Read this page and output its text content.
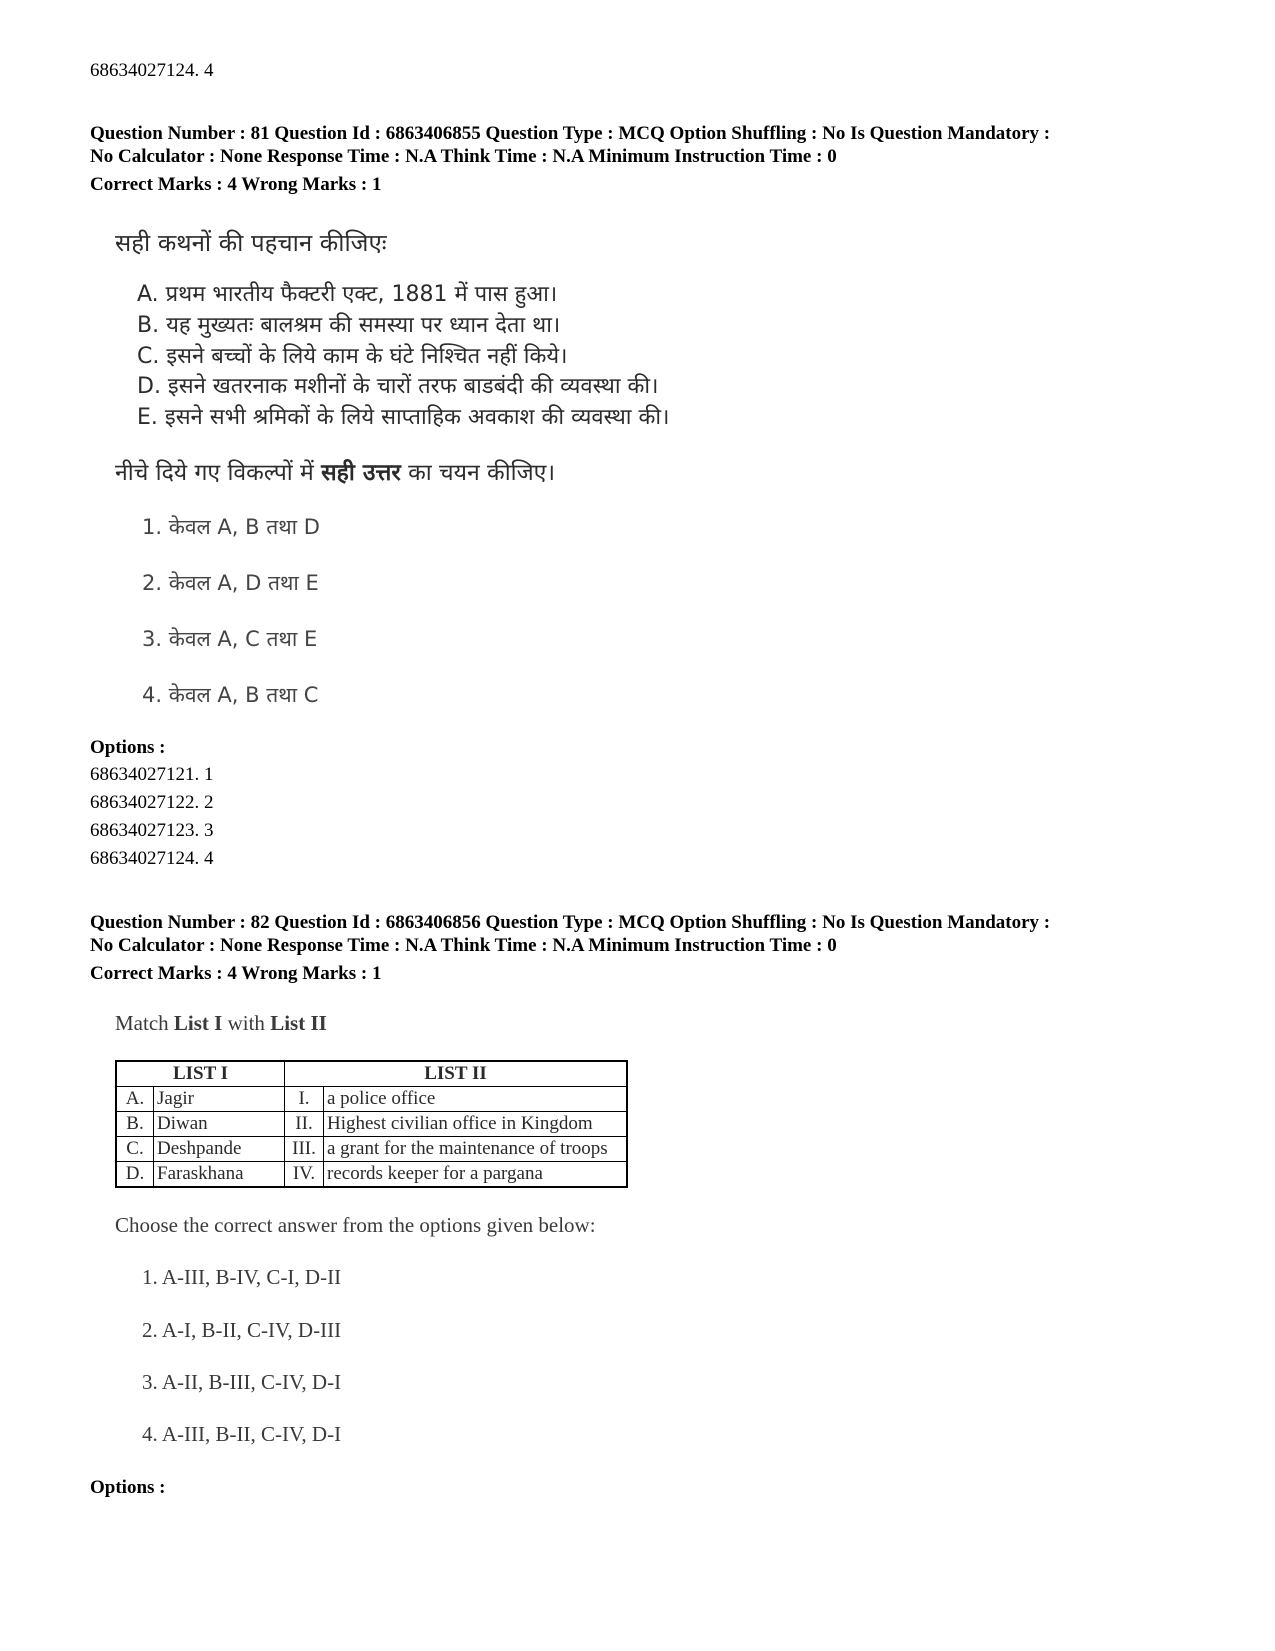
68634027124. 4
Question Number : 81 Question Id : 6863406855 Question Type : MCQ Option Shuffling : No Is Question Mandatory :
No Calculator : None Response Time : N.A Think Time : N.A Minimum Instruction Time : 0
Correct Marks : 4 Wrong Marks : 1
सही कथनों की पहचान कीजिएः
A. प्रथम भारतीय फैक्टरी एक्ट, 1881 में पास हुआ।
B. यह मुख्यतः बालश्रम की समस्या पर ध्यान देता था।
C. इसने बच्चों के लिये काम के घंटे निश्चित नहीं किये।
D. इसने खतरनाक मशीनों के चारों तरफ बाडबंदी की व्यवस्था की।
E. इसने सभी श्रमिकों के लिये साप्ताहिक अवकाश की व्यवस्था की।
नीचे दिये गए विकल्पों में सही उत्तर का चयन कीजिए।
1. केवल A, B तथा D
2. केवल A, D तथा E
3. केवल A, C तथा E
4. केवल A, B तथा C
Options :
68634027121. 1
68634027122. 2
68634027123. 3
68634027124. 4
Question Number : 82 Question Id : 6863406856 Question Type : MCQ Option Shuffling : No Is Question Mandatory :
No Calculator : None Response Time : N.A Think Time : N.A Minimum Instruction Time : 0
Correct Marks : 4 Wrong Marks : 1
Match List I with List II
LIST I		LIST II	
A.	Jagir	I.	a police office
B.	Diwan	II.	Highest civilian office in Kingdom
C.	Deshpande	III.	a grant for the maintenance of troops
D.	Faraskhana	IV.	records keeper for a pargana
Choose the correct answer from the options given below:
1. A-III, B-IV, C-I, D-II
2. A-I, B-II, C-IV, D-III
3. A-II, B-III, C-IV, D-I
4. A-III, B-II, C-IV, D-I
Options :
